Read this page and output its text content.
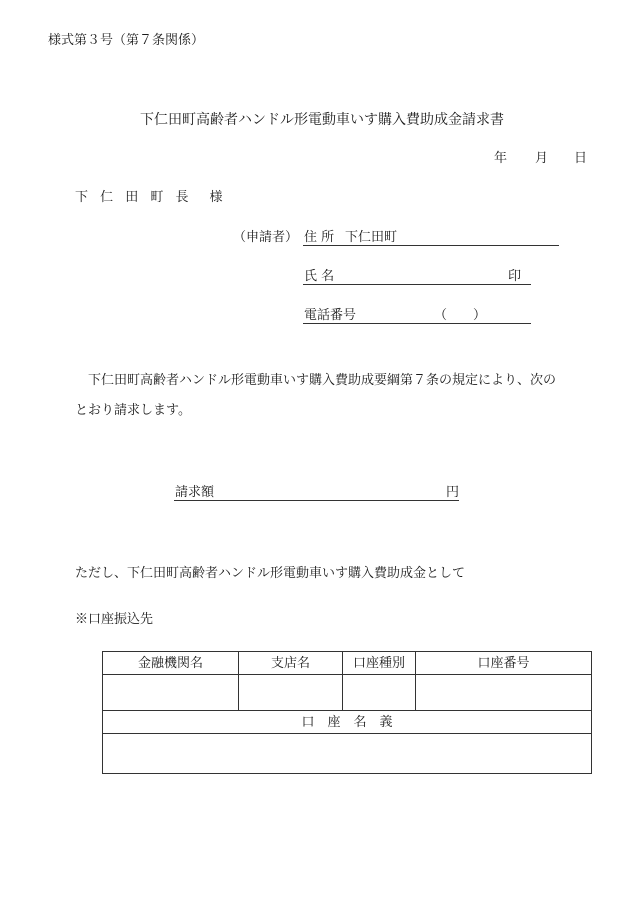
様式第３号（第７条関係）
下仁田町高齢者ハンドル形電動車いす購入費助成金請求書
年 月 日
下 仁 田 町 長　様
（申請者） 住 所 下仁田町
氏 名	印
電話番号	（　　）
下仁田町高齢者ハンドル形電動車いす購入費助成要綱第７条の規定により、次の
とおり請求します。
請求額	円
ただし、下仁田町高齢者ハンドル形電動車いす購入費助成金として
※口座振込先
金融機関名	支店名	口座種別	口座番号

口　座　名　義			
